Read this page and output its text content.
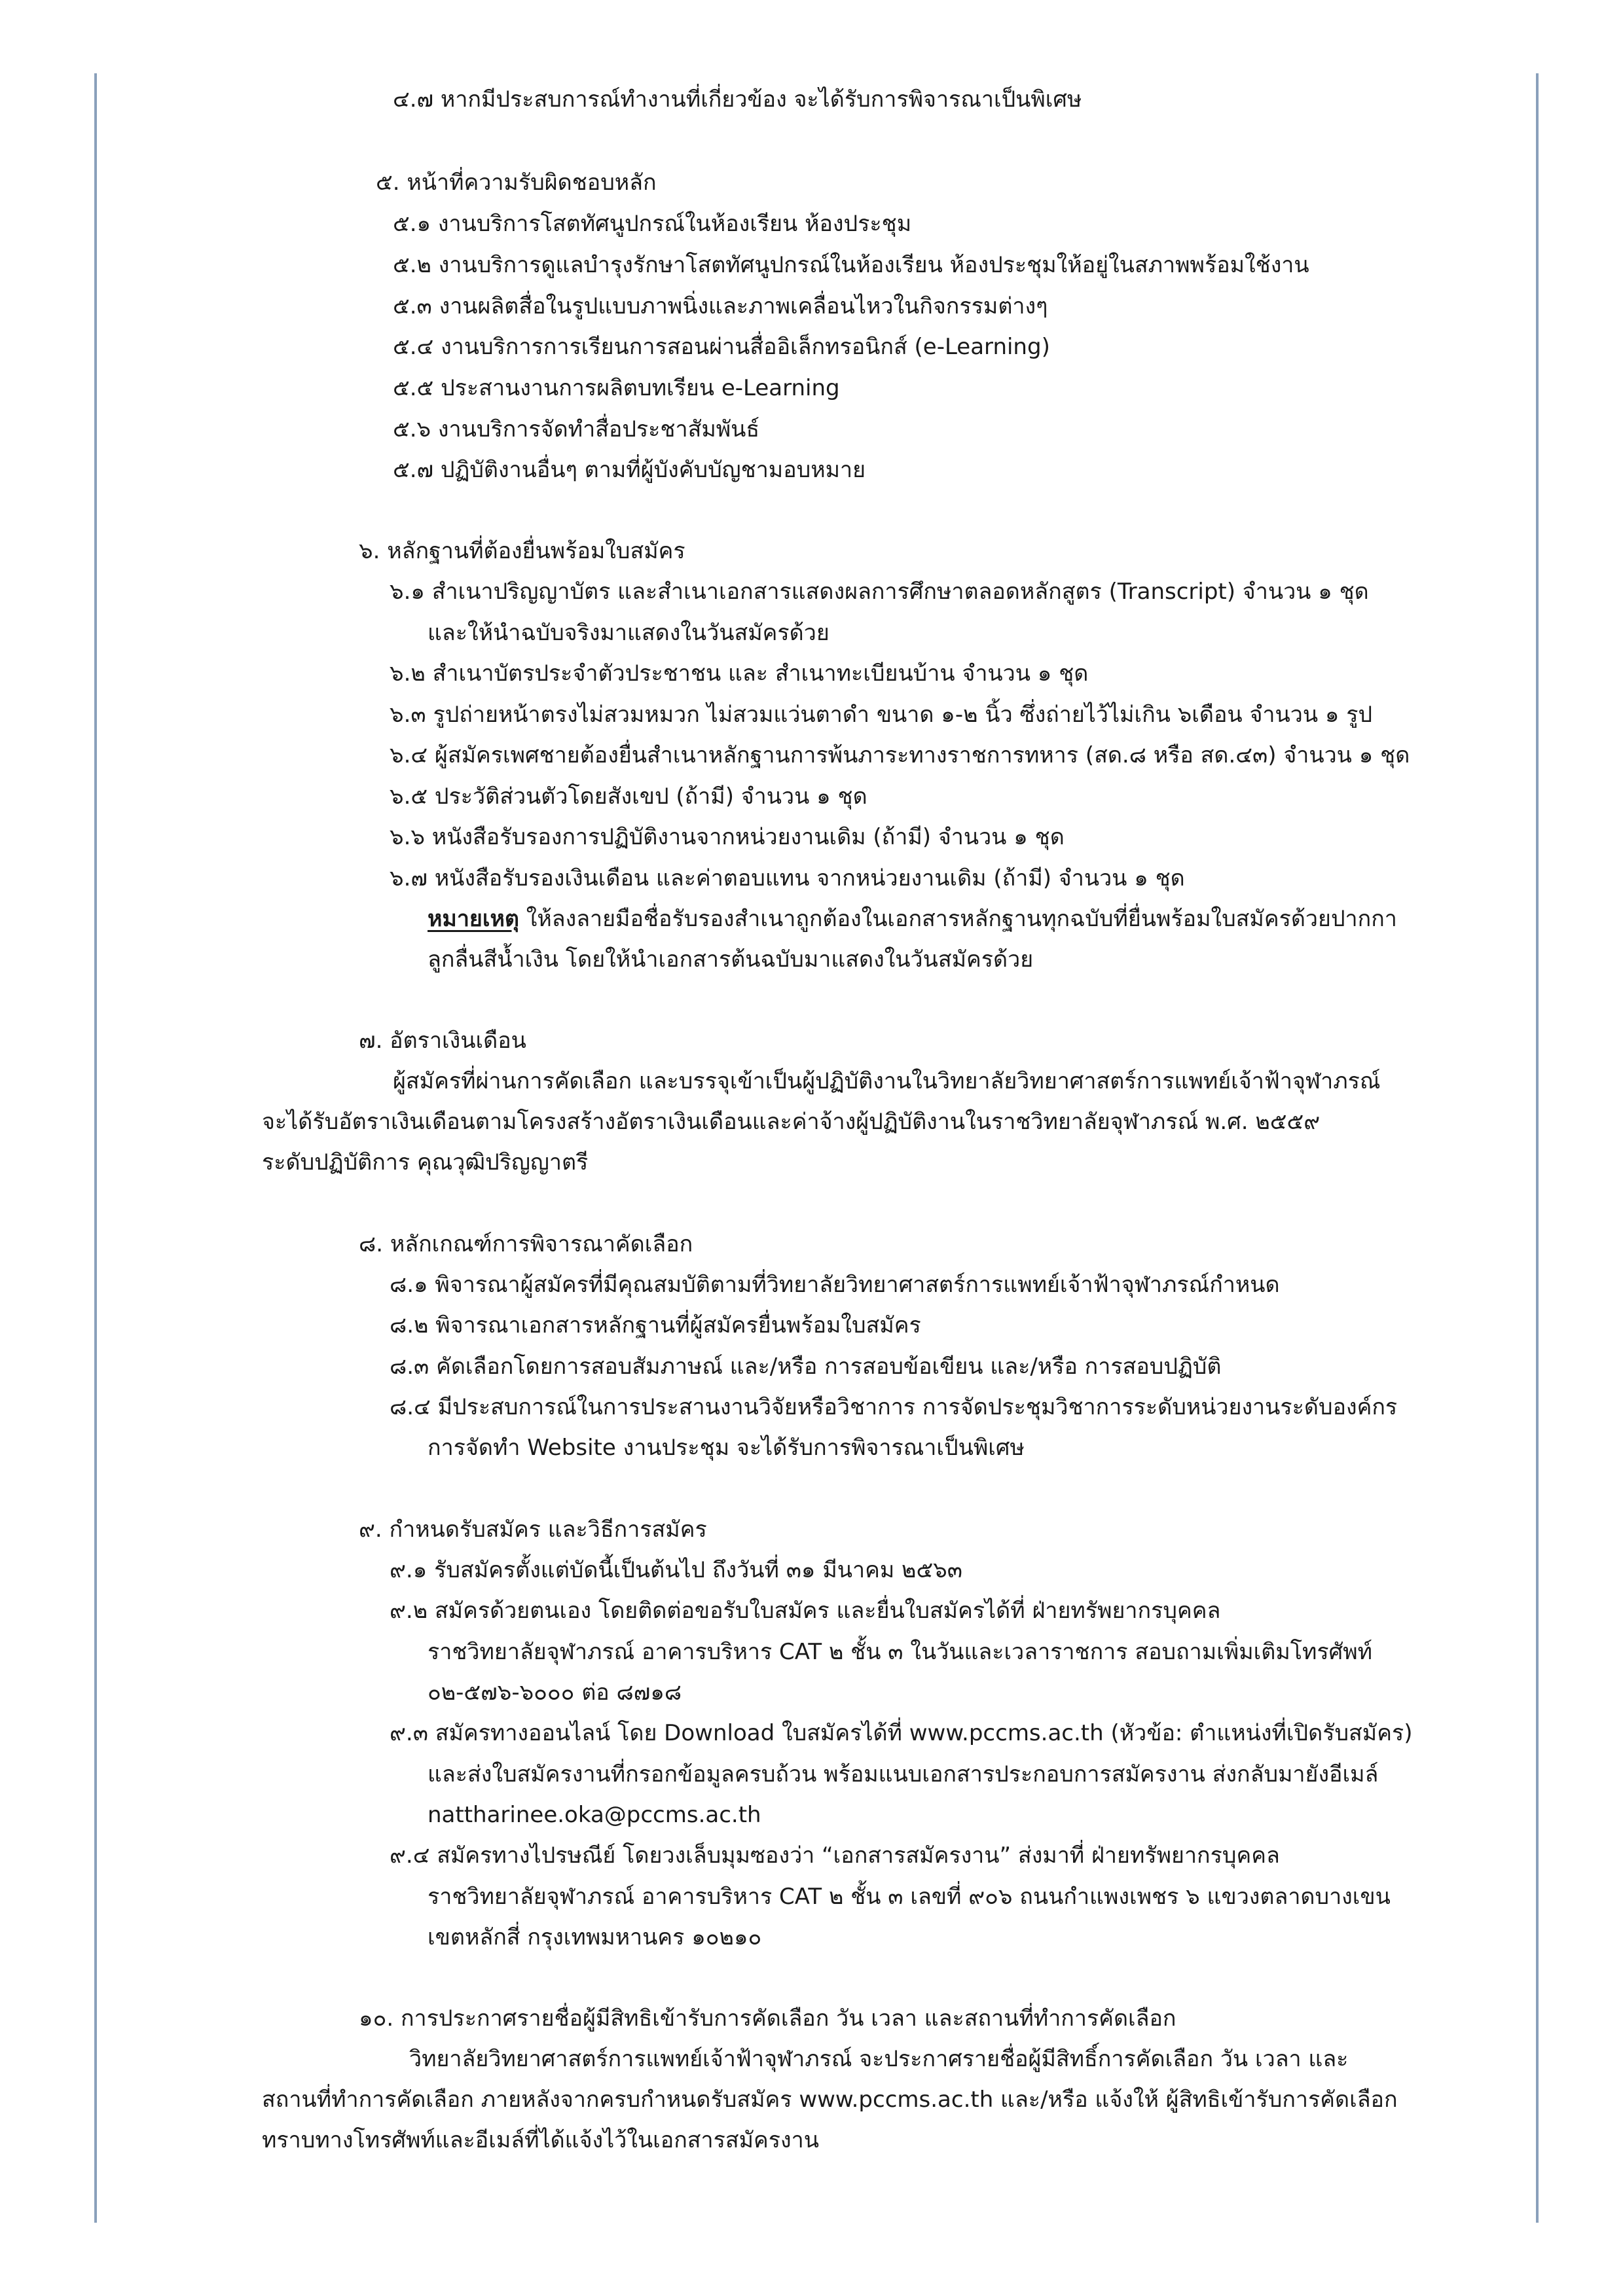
๔.๗ หากมีประสบการณ์ทำงานที่เกี่ยวข้อง จะได้รับการพิจารณาเป็นพิเศษ
๕. หน้าที่ความรับผิดชอบหลัก
๕.๑ งานบริการโสตทัศนูปกรณ์ในห้องเรียน ห้องประชุม
๕.๒ งานบริการดูแลบำรุงรักษาโสตทัศนูปกรณ์ในห้องเรียน ห้องประชุมให้อยู่ในสภาพพร้อมใช้งาน
๕.๓ งานผลิตสื่อในรูปแบบภาพนิ่งและภาพเคลื่อนไหวในกิจกรรมต่างๆ
๕.๔ งานบริการการเรียนการสอนผ่านสื่ออิเล็กทรอนิกส์ (e-Learning)
๕.๕ ประสานงานการผลิตบทเรียน e-Learning
๕.๖ งานบริการจัดทำสื่อประชาสัมพันธ์
๕.๗ ปฏิบัติงานอื่นๆ ตามที่ผู้บังคับบัญชามอบหมาย
๖. หลักฐานที่ต้องยื่นพร้อมใบสมัคร
๖.๑ สำเนาปริญญาบัตร และสำเนาเอกสารแสดงผลการศึกษาตลอดหลักสูตร (Transcript) จำนวน ๑ ชุด
และให้นำฉบับจริงมาแสดงในวันสมัครด้วย
๖.๒ สำเนาบัตรประจำตัวประชาชน และ สำเนาทะเบียนบ้าน จำนวน ๑ ชุด
๖.๓ รูปถ่ายหน้าตรงไม่สวมหมวก ไม่สวมแว่นตาดำ ขนาด ๑-๒ นิ้ว ซึ่งถ่ายไว้ไม่เกิน ๖เดือน จำนวน ๑ รูป
๖.๔ ผู้สมัครเพศชายต้องยื่นสำเนาหลักฐานการพ้นภาระทางราชการทหาร (สด.๘ หรือ สด.๔๓) จำนวน ๑ ชุด
๖.๕ ประวัติส่วนตัวโดยสังเขป (ถ้ามี) จำนวน ๑ ชุด
๖.๖ หนังสือรับรองการปฏิบัติงานจากหน่วยงานเดิม (ถ้ามี) จำนวน ๑ ชุด
๖.๗ หนังสือรับรองเงินเดือน และค่าตอบแทน จากหน่วยงานเดิม (ถ้ามี) จำนวน ๑ ชุด
หมายเหตุ ให้ลงลายมือชื่อรับรองสำเนาถูกต้องในเอกสารหลักฐานทุกฉบับที่ยื่นพร้อมใบสมัครด้วยปากกา
ลูกลื่นสีน้ำเงิน โดยให้นำเอกสารต้นฉบับมาแสดงในวันสมัครด้วย
๗. อัตราเงินเดือน
ผู้สมัครที่ผ่านการคัดเลือก และบรรจุเข้าเป็นผู้ปฏิบัติงานในวิทยาลัยวิทยาศาสตร์การแพทย์เจ้าฟ้าจุฬาภรณ์
จะได้รับอัตราเงินเดือนตามโครงสร้างอัตราเงินเดือนและค่าจ้างผู้ปฏิบัติงานในราชวิทยาลัยจุฬาภรณ์ พ.ศ. ๒๕๕๙
ระดับปฏิบัติการ คุณวุฒิปริญญาตรี
๘. หลักเกณฑ์การพิจารณาคัดเลือก
๘.๑ พิจารณาผู้สมัครที่มีคุณสมบัติตามที่วิทยาลัยวิทยาศาสตร์การแพทย์เจ้าฟ้าจุฬาภรณ์กำหนด
๘.๒ พิจารณาเอกสารหลักฐานที่ผู้สมัครยื่นพร้อมใบสมัคร
๘.๓ คัดเลือกโดยการสอบสัมภาษณ์ และ/หรือ การสอบข้อเขียน และ/หรือ การสอบปฏิบัติ
๘.๔ มีประสบการณ์ในการประสานงานวิจัยหรือวิชาการ การจัดประชุมวิชาการระดับหน่วยงานระดับองค์กร
การจัดทำ Website งานประชุม จะได้รับการพิจารณาเป็นพิเศษ
๙. กำหนดรับสมัคร และวิธีการสมัคร
๙.๑ รับสมัครตั้งแต่บัดนี้เป็นต้นไป ถึงวันที่ ๓๑ มีนาคม ๒๕๖๓
๙.๒ สมัครด้วยตนเอง โดยติดต่อขอรับใบสมัคร และยื่นใบสมัครได้ที่ ฝ่ายทรัพยากรบุคคล
ราชวิทยาลัยจุฬาภรณ์ อาคารบริหาร CAT ๒ ชั้น ๓ ในวันและเวลาราชการ สอบถามเพิ่มเติมโทรศัพท์
๐๒-๕๗๖-๖๐๐๐ ต่อ ๘๗๑๘
๙.๓ สมัครทางออนไลน์ โดย Download ใบสมัครได้ที่ www.pccms.ac.th (หัวข้อ: ตำแหน่งที่เปิดรับสมัคร)
และส่งใบสมัครงานที่กรอกข้อมูลครบถ้วน พร้อมแนบเอกสารประกอบการสมัครงาน ส่งกลับมายังอีเมล์
nattharinee.oka@pccms.ac.th
๙.๔ สมัครทางไปรษณีย์ โดยวงเล็บมุมซองว่า “เอกสารสมัครงาน” ส่งมาที่ ฝ่ายทรัพยากรบุคคล
ราชวิทยาลัยจุฬาภรณ์ อาคารบริหาร CAT ๒ ชั้น ๓ เลขที่ ๙๐๖ ถนนกำแพงเพชร ๖ แขวงตลาดบางเขน
เขตหลักสี่ กรุงเทพมหานคร ๑๐๒๑๐
๑๐. การประกาศรายชื่อผู้มีสิทธิเข้ารับการคัดเลือก วัน เวลา และสถานที่ทำการคัดเลือก
วิทยาลัยวิทยาศาสตร์การแพทย์เจ้าฟ้าจุฬาภรณ์ จะประกาศรายชื่อผู้มีสิทธิ์การคัดเลือก วัน เวลา และ
สถานที่ทำการคัดเลือก ภายหลังจากครบกำหนดรับสมัคร www.pccms.ac.th และ/หรือ แจ้งให้ ผู้สิทธิเข้ารับการคัดเลือก
ทราบทางโทรศัพท์และอีเมล์ที่ได้แจ้งไว้ในเอกสารสมัครงาน
